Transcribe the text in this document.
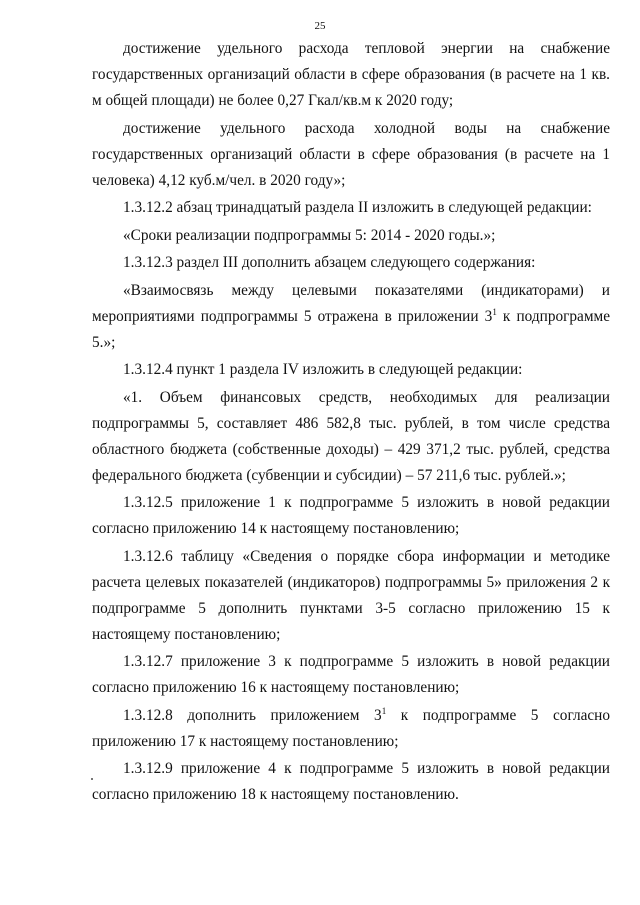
25

достижение удельного расхода тепловой энергии на снабжение государственных организаций области в сфере образования (в расчете на 1 кв. м общей площади) не более 0,27 Гкал/кв.м к 2020 году;

достижение удельного расхода холодной воды на снабжение государственных организаций области в сфере образования (в расчете на 1 человека) 4,12 куб.м/чел. в 2020 году»;

1.3.12.2 абзац тринадцатый раздела II изложить в следующей редакции:

«Сроки реализации подпрограммы 5: 2014 - 2020 годы.»;

1.3.12.3 раздел III дополнить абзацем следующего содержания:

«Взаимосвязь между целевыми показателями (индикаторами) и мероприятиями подпрограммы 5 отражена в приложении $3^1$ к подпрограмме 5.»;

1.3.12.4 пункт 1 раздела IV изложить в следующей редакции:

«1. Объем финансовых средств, необходимых для реализации подпрограммы 5, составляет 486 582,8 тыс. рублей, в том числе средства областного бюджета (собственные доходы) – 429 371,2 тыс. рублей, средства федерального бюджета (субвенции и субсидии) – 57 211,6 тыс. рублей.»;

1.3.12.5 приложение 1 к подпрограмме 5 изложить в новой редакции согласно приложению 14 к настоящему постановлению;

1.3.12.6 таблицу «Сведения о порядке сбора информации и методике расчета целевых показателей (индикаторов) подпрограммы 5» приложения 2 к подпрограмме 5 дополнить пунктами 3-5 согласно приложению 15 к настоящему постановлению;

1.3.12.7 приложение 3 к подпрограмме 5 изложить в новой редакции согласно приложению 16 к настоящему постановлению;

1.3.12.8 дополнить приложением $3^1$ к подпрограмме 5 согласно приложению 17 к настоящему постановлению;

1.3.12.9 приложение 4 к подпрограмме 5 изложить в новой редакции согласно приложению 18 к настоящему постановлению.
